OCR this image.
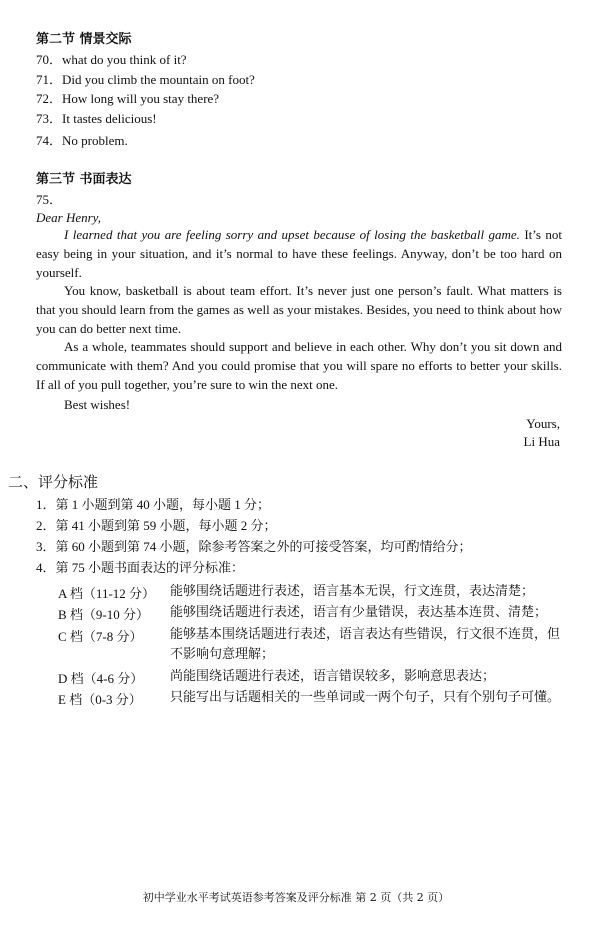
第二节 情景交际
70．what do you think of it?
71．Did you climb the mountain on foot?
72．How long will you stay there?
73．It tastes delicious!
74．No problem.
第三节 书面表达
75．
Dear Henry,

I learned that you are feeling sorry and upset because of losing the basketball game. It’s not easy being in your situation, and it’s normal to have these feelings. Anyway, don’t be too hard on yourself.

You know, basketball is about team effort. It’s never just one person’s fault. What matters is that you should learn from the games as well as your mistakes. Besides, you need to think about how you can do better next time.

As a whole, teammates should support and believe in each other. Why don’t you sit down and communicate with them? And you could promise that you will spare no efforts to better your skills. If all of you pull together, you’re sure to win the next one.

Best wishes!
Yours,
Li Hua
二、评分标准
1．第 1 小题到第 40 小题，每小题 1 分；
2．第 41 小题到第 59 小题，每小题 2 分；
3．第 60 小题到第 74 小题，除参考答案之外的可接受答案，均可酌情给分；
4．第 75 小题书面表达的评分标准：
A 档（11-12 分） 能够围绕话题进行表述，语言基本无误，行文连贯，表达清楚；
B 档（9-10 分） 能够围绕话题进行表述，语言有少量错误，表达基本连贯、清楚；
C 档（7-8 分） 能够基本围绕话题进行表述，语言表达有些错误，行文很不连贯，但不影响句意理解；
D 档（4-6 分） 尚能围绕话题进行表述，语言错误较多，影响意思表达；
E 档（0-3 分） 只能写出与话题相关的一些单词或一两个句子，只有个别句子可懂。
初中学业水平考试英语参考答案及评分标准 第 2 页（共 2 页）
